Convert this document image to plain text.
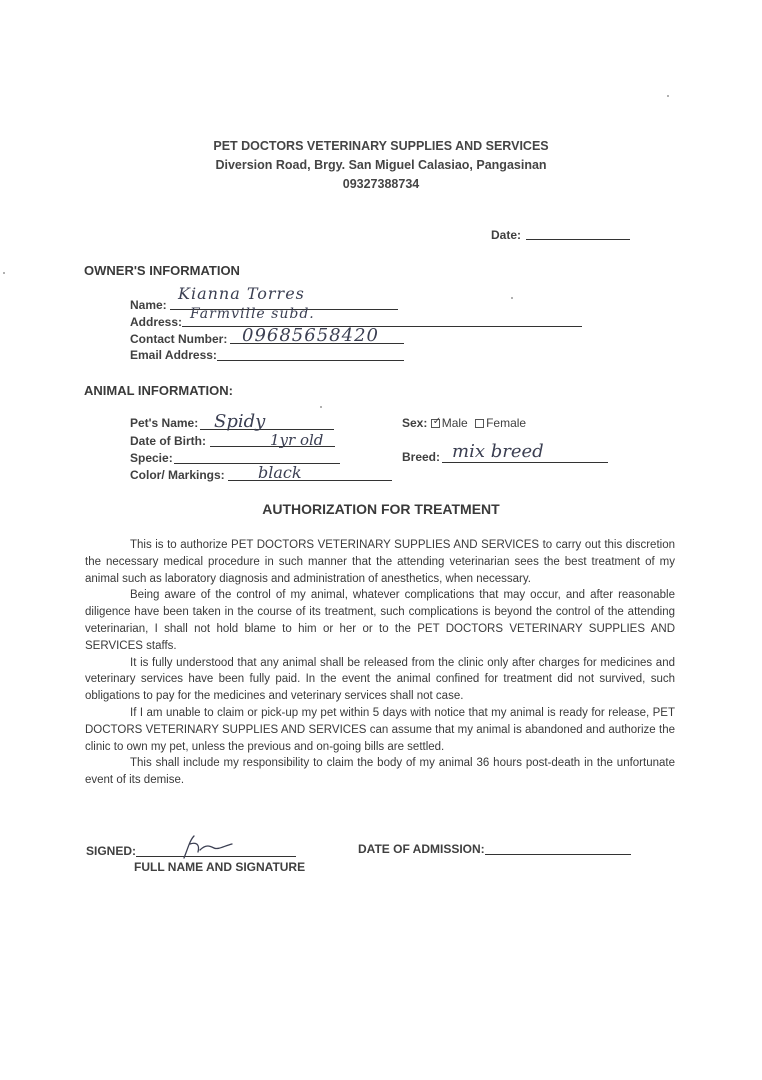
PET DOCTORS VETERINARY SUPPLIES AND SERVICES
Diversion Road, Brgy. San Miguel Calasiao, Pangasinan
09327388734
Date:
OWNER'S INFORMATION
Name:
Kianna Torres
Address: Farmville subd.
Contact Number: 09685658420
Email Address:
ANIMAL INFORMATION:
Pet's Name: Spidy
Date of Birth:	1yr old
Specie:
Color/ Markings: black
Sex: ✓ Male Female
Breed: mix breed
AUTHORIZATION FOR TREATMENT

This is to authorize PET DOCTORS VETERINARY SUPPLIES AND SERVICES to carry out this discretion the necessary medical procedure in such manner that the attending veterinarian sees the best treatment of my animal such as laboratory diagnosis and administration of anesthetics, when necessary.

Being aware of the control of my animal, whatever complications that may occur, and after reasonable diligence have been taken in the course of its treatment, such complications is beyond the control of the attending veterinarian, I shall not hold blame to him or her or to the PET DOCTORS VETERINARY SUPPLIES AND SERVICES staffs.

It is fully understood that any animal shall be released from the clinic only after charges for medicines and veterinary services have been fully paid. In the event the animal confined for treatment did not survived, such obligations to pay for the medicines and veterinary services shall not case.

If I am unable to claim or pick-up my pet within 5 days with notice that my animal is ready for release, PET DOCTORS VETERINARY SUPPLIES AND SERVICES can assume that my animal is abandoned and authorize the clinic to own my pet, unless the previous and on-going bills are settled.

This shall include my responsibility to claim the body of my animal 36 hours post-death in the unfortunate event of its demise.

SIGNED:
FULL NAME AND SIGNATURE
DATE OF ADMISSION:
